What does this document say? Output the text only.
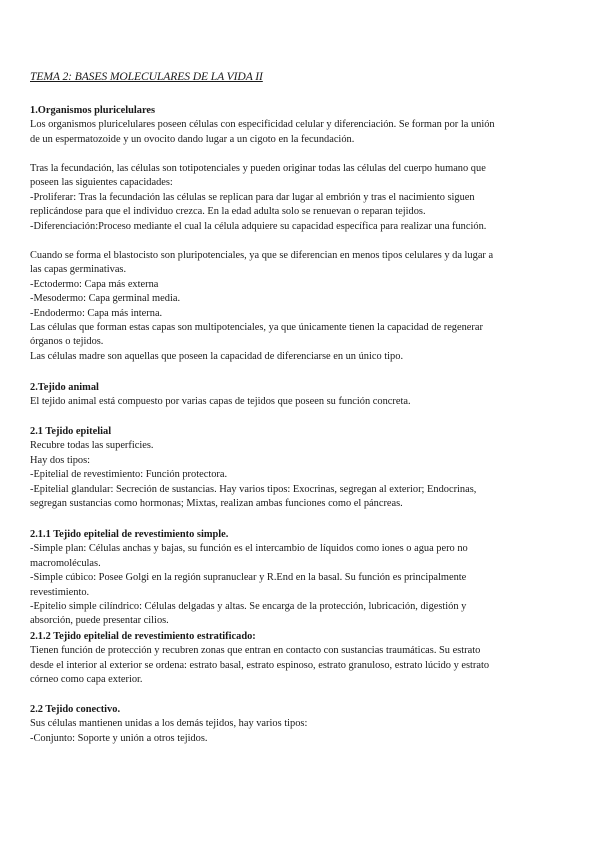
TEMA 2: BASES MOLECULARES DE LA VIDA II
1.Organismos pluricelulares
Los organismos pluricelulares poseen células con especificidad celular y diferenciación. Se forman por la unión
de un espermatozoide y un ovocito dando lugar a un cigoto en la fecundación.
Tras la fecundación, las células son totipotenciales y pueden originar todas las células del cuerpo humano que
poseen las siguientes capacidades:
-Proliferar: Tras la fecundación las células se replican para dar lugar al embrión y tras el nacimiento siguen
replicándose para que el individuo crezca. En la edad adulta solo se renuevan o reparan tejidos.
-Diferenciación:Proceso mediante el cual la célula adquiere su capacidad específica para realizar una función.
Cuando se forma el blastocisto son pluripotenciales, ya que se diferencian en menos tipos celulares y da lugar a
las capas germinativas.
-Ectodermo: Capa más externa
-Mesodermo: Capa germinal media.
-Endodermo: Capa más interna.
Las células que forman estas capas son multipotenciales, ya que únicamente tienen la capacidad de regenerar
órganos o tejidos.
Las células madre son aquellas que poseen la capacidad de diferenciarse en un único tipo.
2.Tejido animal
El tejido animal está compuesto por varias capas de tejidos que poseen su función concreta.
2.1 Tejido epitelial
Recubre todas las superficies.
Hay dos tipos:
-Epitelial de revestimiento: Función protectora.
-Epitelial glandular: Secreción de sustancias. Hay varios tipos: Exocrinas, segregan al exterior; Endocrinas,
segregan sustancias como hormonas; Mixtas, realizan ambas funciones como el páncreas.
2.1.1 Tejido epitelial de revestimiento simple.
-Simple plan: Células anchas y bajas, su función es el intercambio de líquidos como iones o agua pero no
macromoléculas.
-Simple cúbico: Posee Golgi en la región supranuclear y R.End en la basal. Su función es principalmente
revestimiento.
-Epitelio simple cilíndrico: Células delgadas y altas. Se encarga de la protección, lubricación, digestión y
absorción, puede presentar cilios.
2.1.2 Tejido epitelial de revestimiento estratificado:
Tienen función de protección y recubren zonas que entran en contacto con sustancias traumáticas. Su estrato
desde el interior al exterior se ordena: estrato basal, estrato espinoso, estrato granuloso, estrato lúcido y estrato
córneo como capa exterior.
2.2 Tejido conectivo.
Sus células mantienen unidas a los demás tejidos, hay varios tipos:
-Conjunto: Soporte y unión a otros tejidos.
